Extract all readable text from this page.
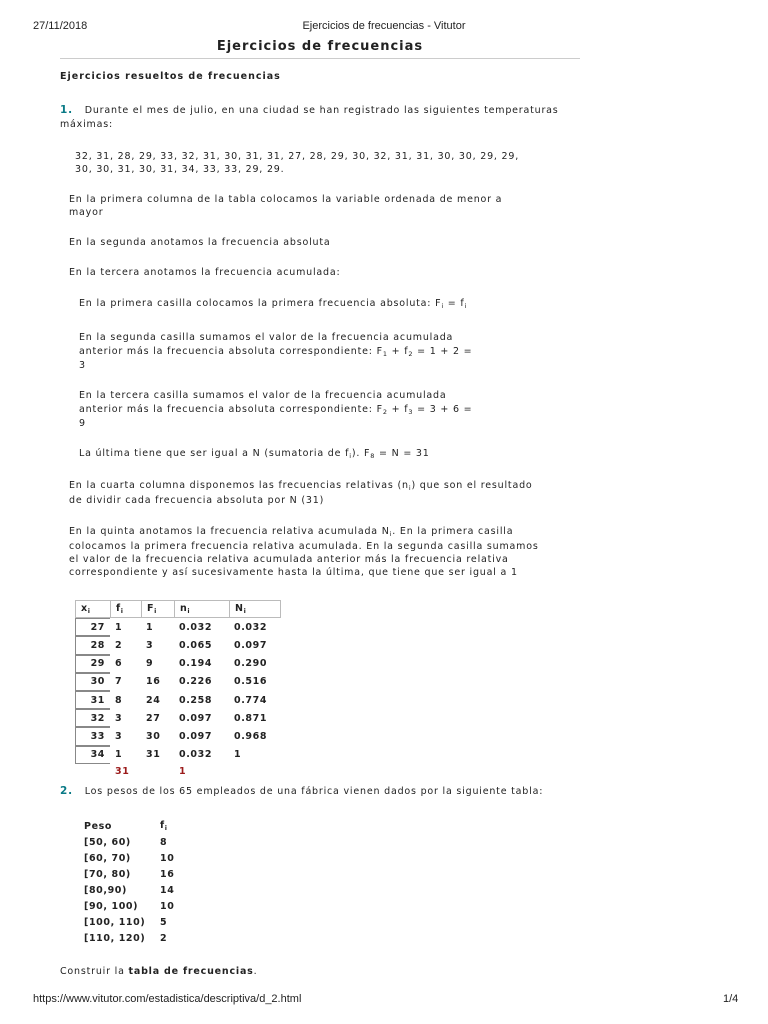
27/11/2018	Ejercicios de frecuencias - Vitutor
Ejercicios de frecuencias
Ejercicios resueltos de frecuencias
1. Durante el mes de julio, en una ciudad se han registrado las siguientes temperaturas
máximas:
32, 31, 28, 29, 33, 32, 31, 30, 31, 31, 27, 28, 29, 30, 32, 31, 31, 30, 30, 29, 29,
30, 30, 31, 30, 31, 34, 33, 33, 29, 29.
En la primera columna de la tabla colocamos la variable ordenada de menor a
mayor
En la segunda anotamos la frecuencia absoluta
En la tercera anotamos la frecuencia acumulada:
En la primera casilla colocamos la primera frecuencia absoluta: $F_i = f_i$
En la segunda casilla sumamos el valor de la frecuencia acumulada
anterior más la frecuencia absoluta correspondiente: $F_1 + f_2 = 1 + 2$ =
3
En la tercera casilla sumamos el valor de la frecuencia acumulada
anterior más la frecuencia absoluta correspondiente: $F_2 + f_3 = 3 + 6$ =
9
La última tiene que ser igual a N (sumatoria de $f_i$). $F_8 = N = 31$
En la cuarta columna disponemos las frecuencias relativas $(n_i)$ que son el resultado
de dividir cada frecuencia absoluta por N (31)
En la quinta anotamos la frecuencia relativa acumulada $N_i$. En la primera casilla
colocamos la primera frecuencia relativa acumulada. En la segunda casilla sumamos
el valor de la frecuencia relativa acumulada anterior más la frecuencia relativa
correspondiente y así sucesivamente hasta la última, que tiene que ser igual a 1
$x_i$	$f_i$	$F_i$	$n_i$	$N_i$
27	1	1	0.032	0.032
28	2	3	0.065	0.097
29	6	9	0.194	0.290
30	7	16	0.226	0.516
31	8	24	0.258	0.774
32	3	27	0.097	0.871
33	3	30	0.097	0.968
34	1	31	0.032	1
	31		1	
2. Los pesos de los 65 empleados de una fábrica vienen dados por la siguiente tabla:
Peso	$f_i$
[50, 60)	8
[60, 70)	10
[70, 80)	16
[80,90)	14
[90, 100)	10
[100, 110)	5
[110, 120)	2
Construir la tabla de frecuencias.
https://www.vitutor.com/estadistica/descriptiva/d_2.html	1/4
